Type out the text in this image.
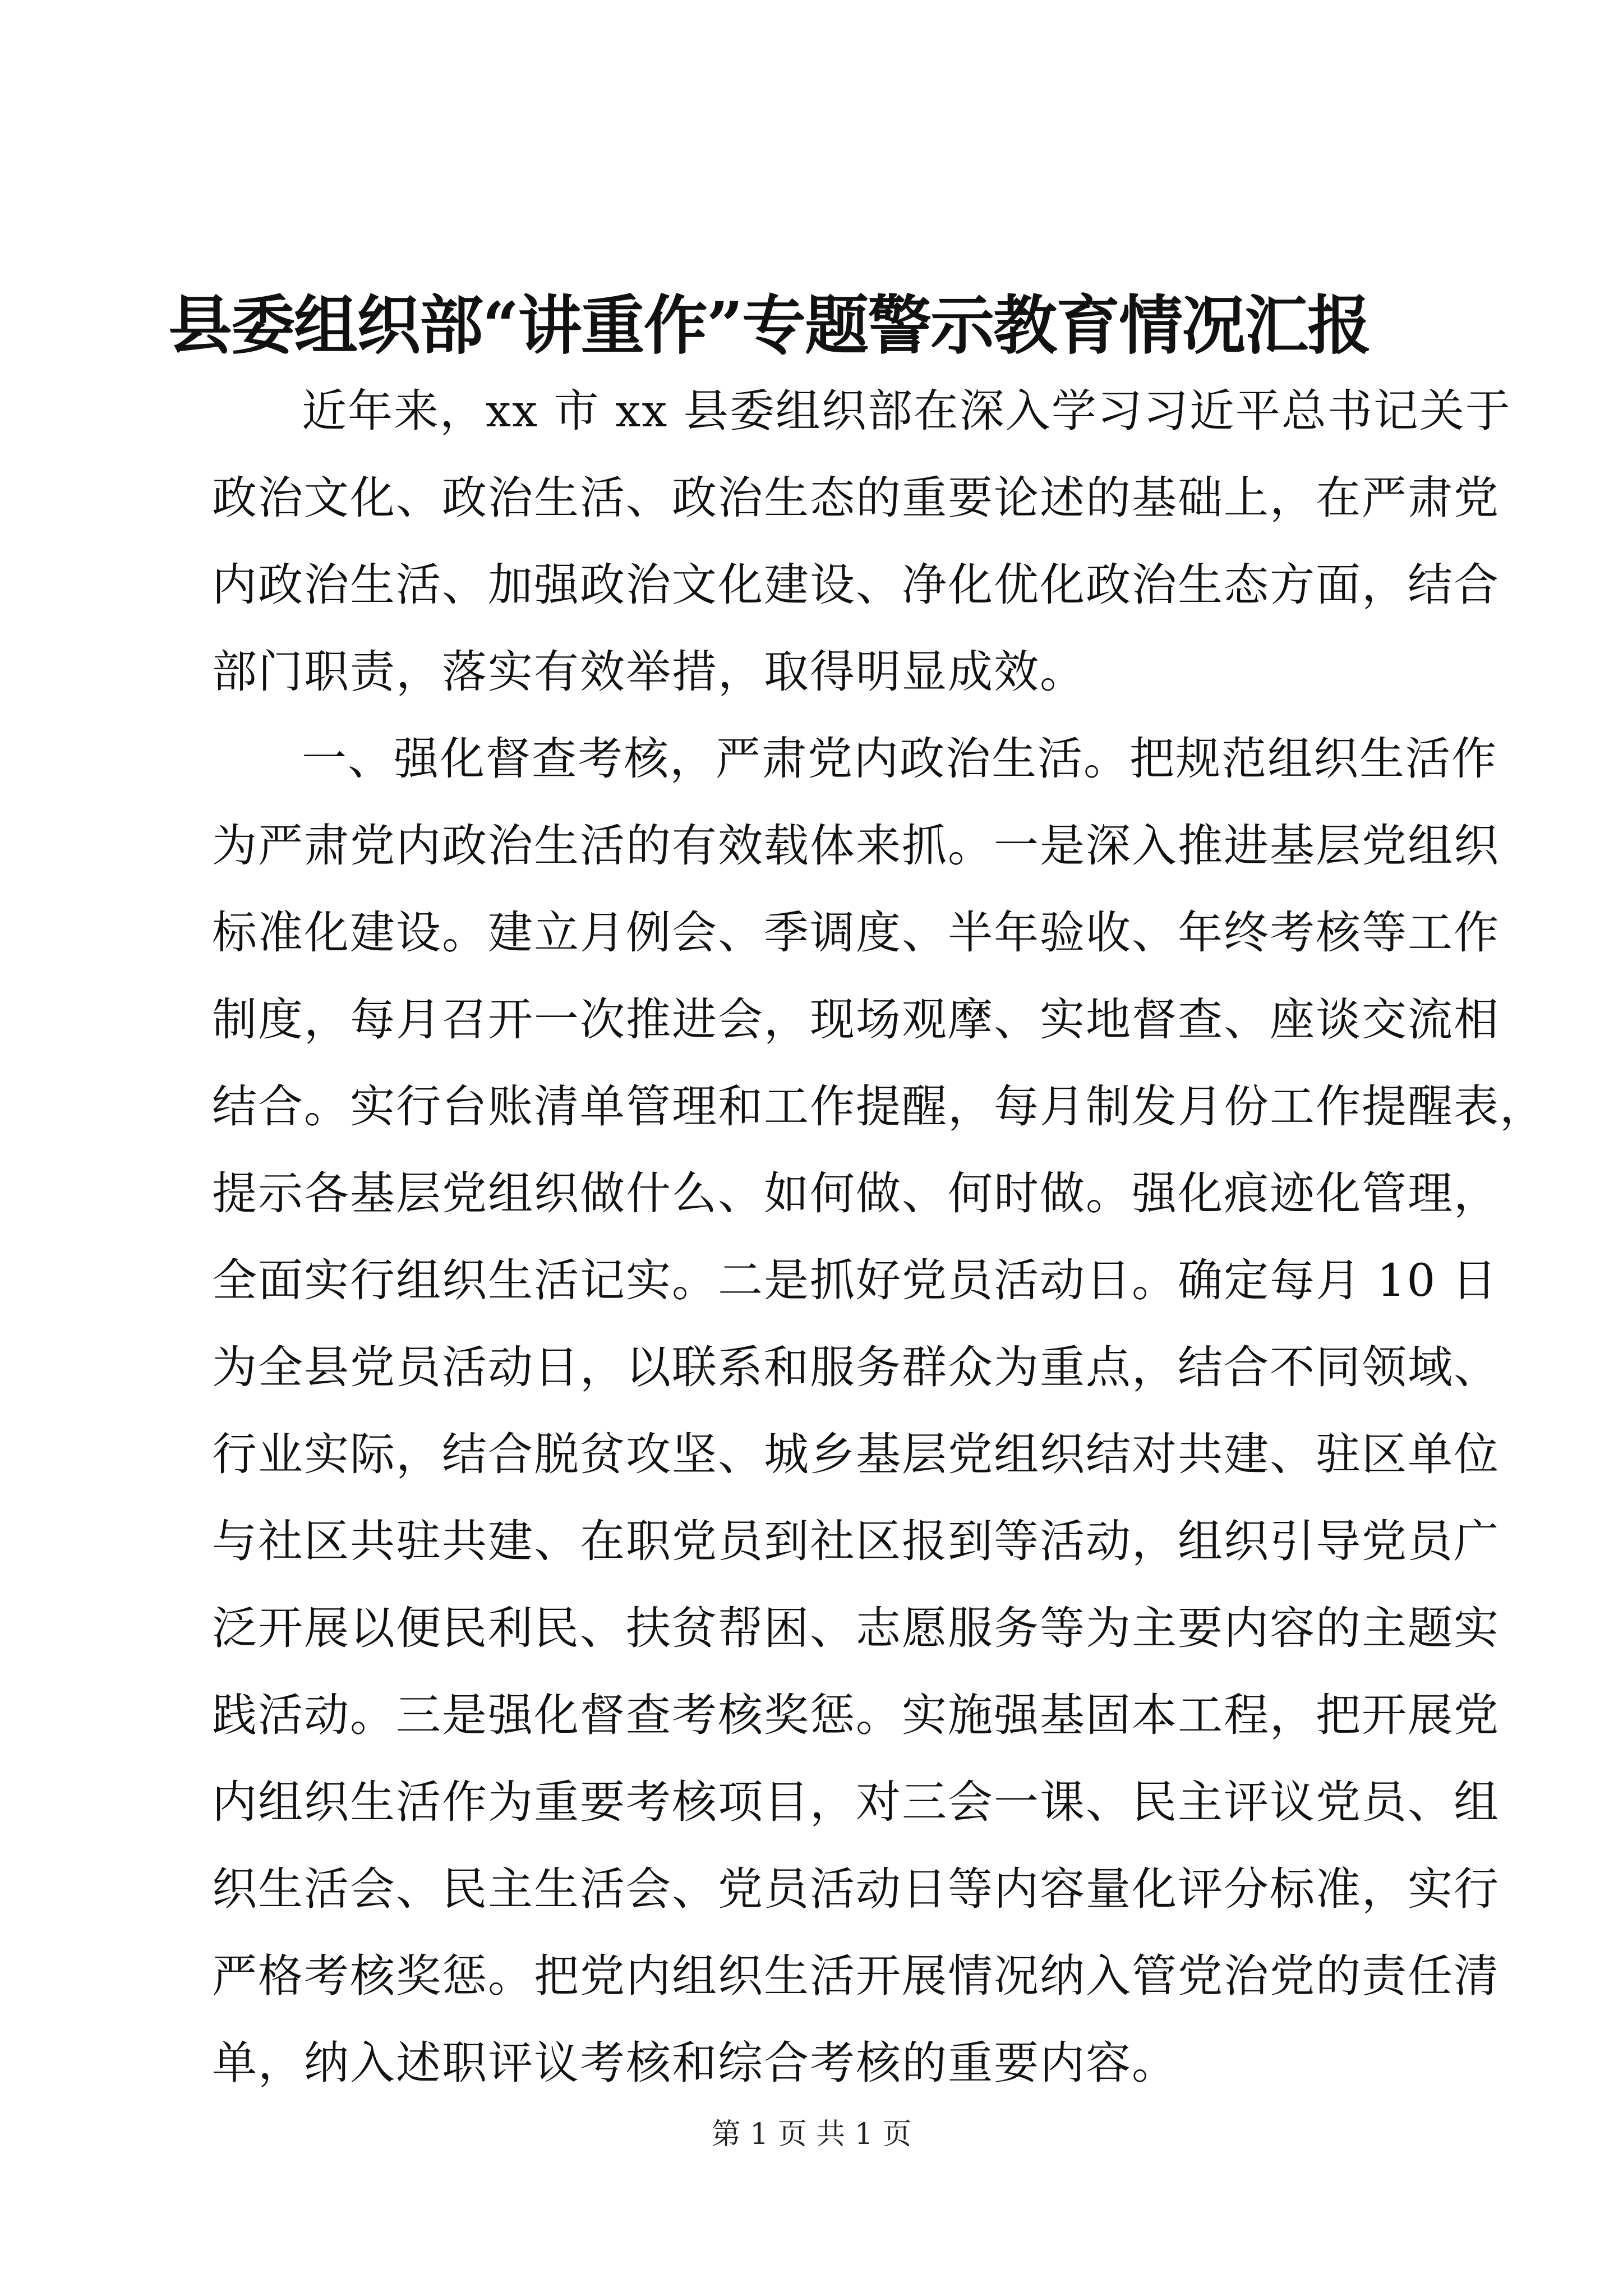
县委组织部“讲重作”专题警示教育情况汇报
近年来，xx 市 xx 县委组织部在深入学习习近平总书记关于
政治文化、政治生活、政治生态的重要论述的基础上，在严肃党
内政治生活、加强政治文化建设、净化优化政治生态方面，结合
部门职责，落实有效举措，取得明显成效。
一、强化督查考核，严肃党内政治生活。把规范组织生活作
为严肃党内政治生活的有效载体来抓。一是深入推进基层党组织
标准化建设。建立月例会、季调度、半年验收、年终考核等工作
制度，每月召开一次推进会，现场观摩、实地督查、座谈交流相
结合。实行台账清单管理和工作提醒，每月制发月份工作提醒表，
提示各基层党组织做什么、如何做、何时做。强化痕迹化管理，
全面实行组织生活记实。二是抓好党员活动日。确定每月 10 日
为全县党员活动日，以联系和服务群众为重点，结合不同领域、
行业实际，结合脱贫攻坚、城乡基层党组织结对共建、驻区单位
与社区共驻共建、在职党员到社区报到等活动，组织引导党员广
泛开展以便民利民、扶贫帮困、志愿服务等为主要内容的主题实
践活动。三是强化督查考核奖惩。实施强基固本工程，把开展党
内组织生活作为重要考核项目，对三会一课、民主评议党员、组
织生活会、民主生活会、党员活动日等内容量化评分标准，实行
严格考核奖惩。把党内组织生活开展情况纳入管党治党的责任清
单，纳入述职评议考核和综合考核的重要内容。
第 1 页 共 1 页
